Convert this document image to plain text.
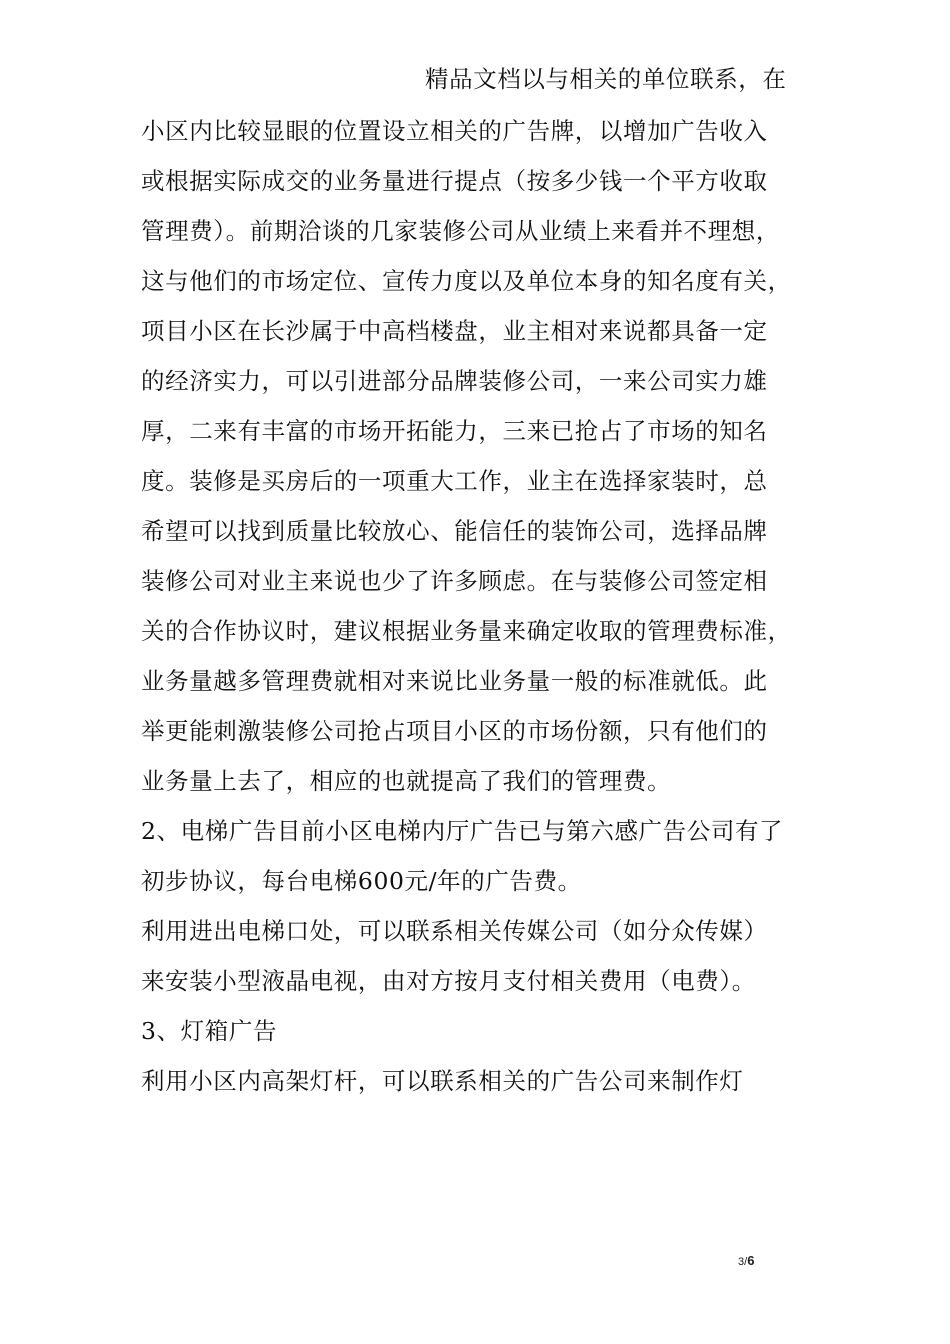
精品文档以与相关的单位联系，在
小区内比较显眼的位置设立相关的广告牌，以增加广告收入
或根据实际成交的业务量进行提点（按多少钱一个平方收取
管理费）。前期洽谈的几家装修公司从业绩上来看并不理想，
这与他们的市场定位、宣传力度以及单位本身的知名度有关，
项目小区在长沙属于中高档楼盘，业主相对来说都具备一定
的经济实力，可以引进部分品牌装修公司，一来公司实力雄
厚，二来有丰富的市场开拓能力，三来已抢占了市场的知名
度。装修是买房后的一项重大工作，业主在选择家装时，总
希望可以找到质量比较放心、能信任的装饰公司，选择品牌
装修公司对业主来说也少了许多顾虑。在与装修公司签定相
关的合作协议时，建议根据业务量来确定收取的管理费标准，
业务量越多管理费就相对来说比业务量一般的标准就低。此
举更能刺激装修公司抢占项目小区的市场份额，只有他们的
业务量上去了，相应的也就提高了我们的管理费。
2、电梯广告目前小区电梯内厅广告已与第六感广告公司有了
初步协议，每台电梯600元/年的广告费。
利用进出电梯口处，可以联系相关传媒公司（如分众传媒）
来安装小型液晶电视，由对方按月支付相关费用（电费）。
3、灯箱广告
利用小区内高架灯杆，可以联系相关的广告公司来制作灯
3/6
